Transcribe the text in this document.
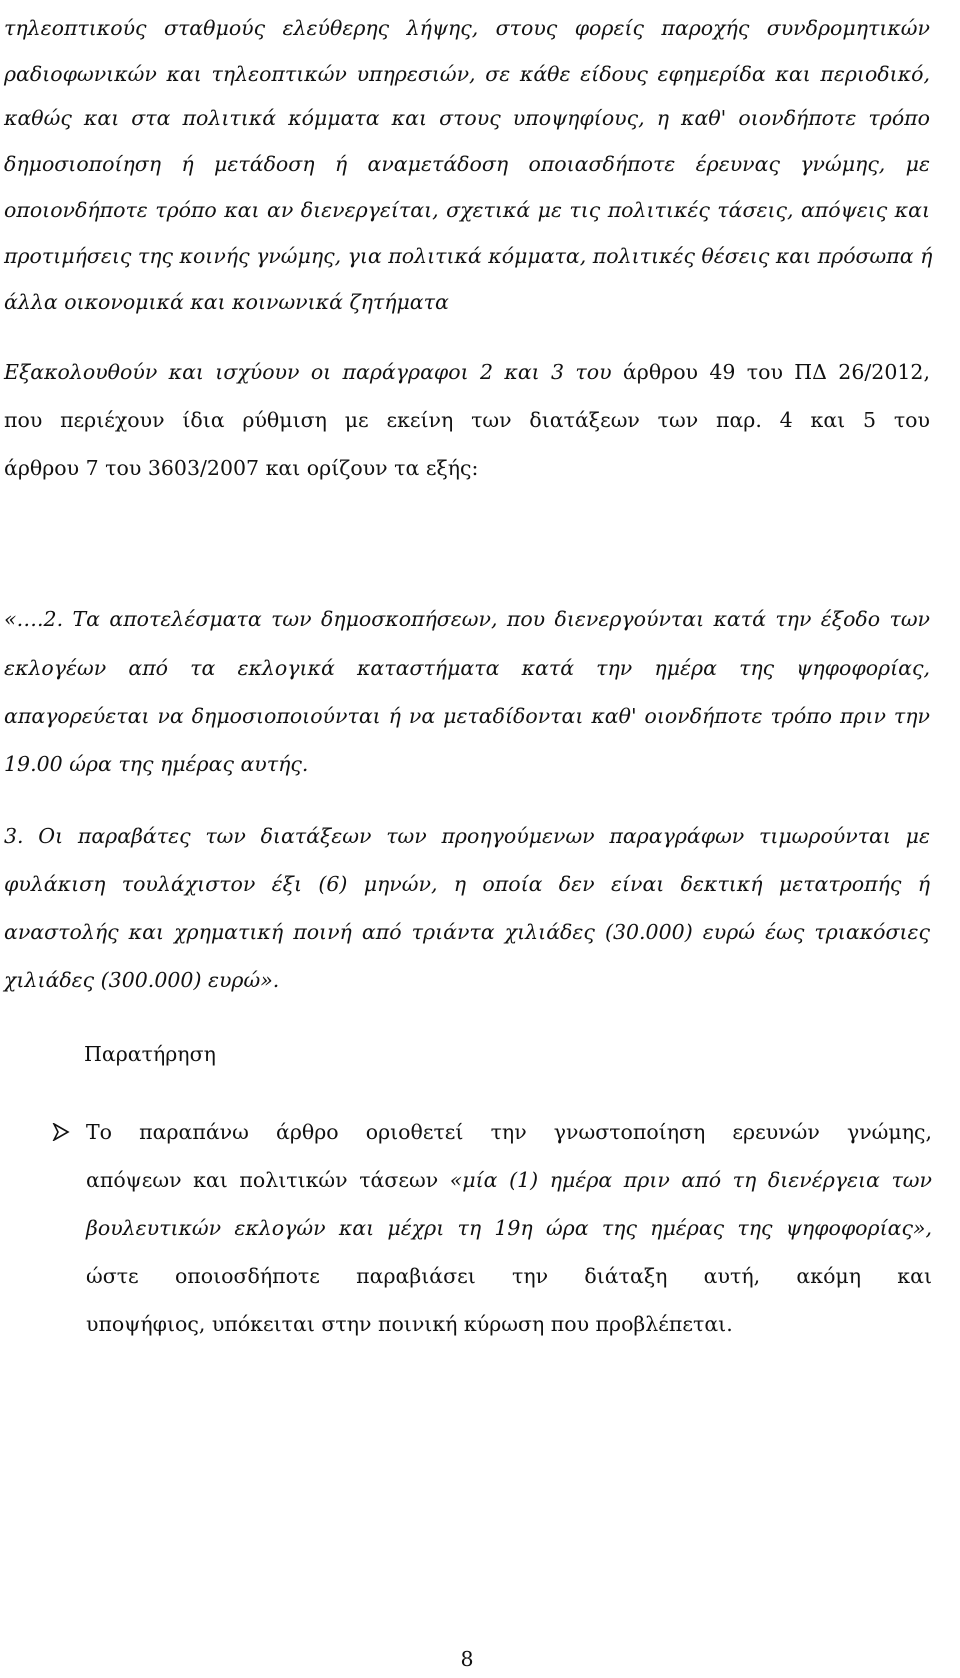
τηλεοπτικούς σταθμούς ελεύθερης λήψης, στους φορείς παροχής συνδρομητικών
ραδιοφωνικών και τηλεοπτικών υπηρεσιών, σε κάθε είδους εφημερίδα και περιοδικό,
καθώς και στα πολιτικά κόμματα και στους υποψηφίους, η καθ' οιονδήποτε τρόπο
δημοσιοποίηση ή μετάδοση ή αναμετάδοση οποιασδήποτε έρευνας γνώμης, με
οποιονδήποτε τρόπο και αν διενεργείται, σχετικά με τις πολιτικές τάσεις, απόψεις και
προτιμήσεις της κοινής γνώμης, για πολιτικά κόμματα, πολιτικές θέσεις και πρόσωπα ή
άλλα οικονομικά και κοινωνικά ζητήματα
Εξακολουθούν και ισχύουν οι παράγραφοι 2 και 3 του άρθρου 49 του ΠΔ 26/2012,
που περιέχουν ίδια ρύθμιση με εκείνη των διατάξεων των παρ. 4 και 5 του
άρθρου 7 του 3603/2007 και ορίζουν τα εξής:
«….2. Τα αποτελέσματα των δημοσκοπήσεων, που διενεργούνται κατά την έξοδο των
εκλογέων από τα εκλογικά καταστήματα κατά την ημέρα της ψηφοφορίας,
απαγορεύεται να δημοσιοποιούνται ή να μεταδίδονται καθ' οιονδήποτε τρόπο πριν την
19.00 ώρα της ημέρας αυτής.
3. Οι παραβάτες των διατάξεων των προηγούμενων παραγράφων τιμωρούνται με
φυλάκιση τουλάχιστον έξι (6) μηνών, η οποία δεν είναι δεκτική μετατροπής ή
αναστολής και χρηματική ποινή από τριάντα χιλιάδες (30.000) ευρώ έως τριακόσιες
χιλιάδες (300.000) ευρώ».
Παρατήρηση
Το παραπάνω άρθρο οριοθετεί την γνωστοποίηση ερευνών γνώμης,
απόψεων και πολιτικών τάσεων «μία (1) ημέρα πριν από τη διενέργεια των
βουλευτικών εκλογών και μέχρι τη 19η ώρα της ημέρας της ψηφοφορίας»,
ώστε οποιοσδήποτε παραβιάσει την διάταξη αυτή, ακόμη και
υποψήφιος, υπόκειται στην ποινική κύρωση που προβλέπεται.
8
